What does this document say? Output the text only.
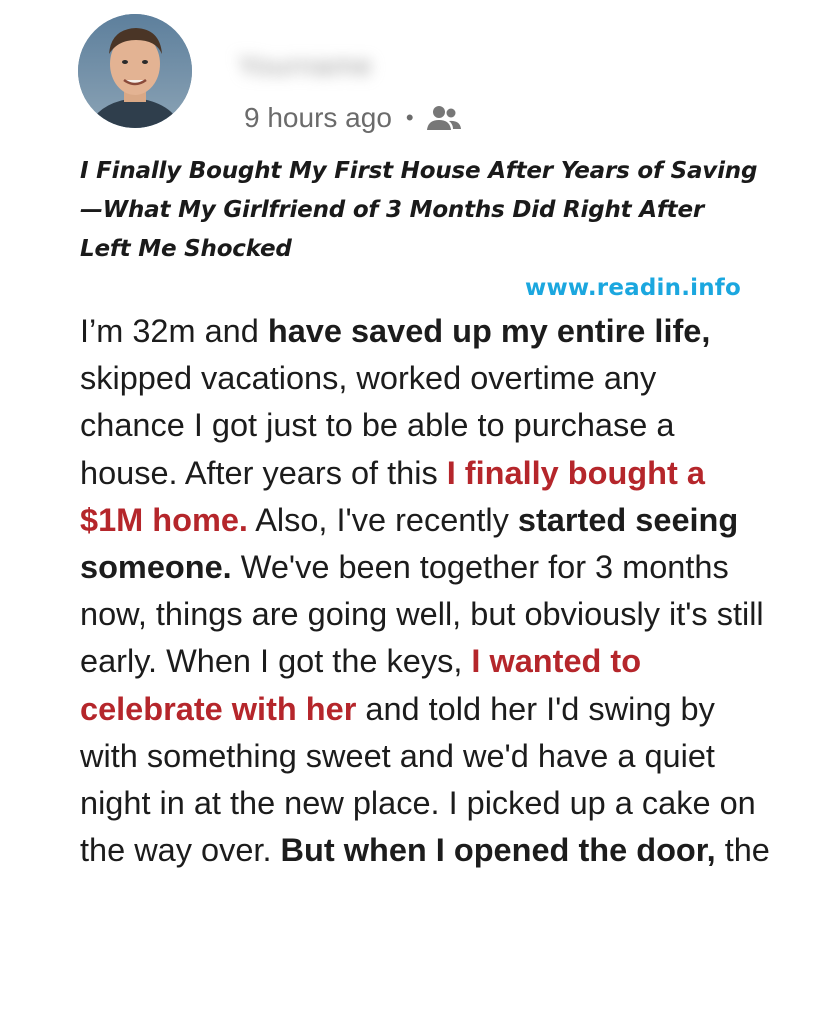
Yourname
9 hours ago •
I Finally Bought My First House After Years of Saving—What My Girlfriend of 3 Months Did Right After Left Me Shocked
www.readin.info
I’m 32m and have saved up my entire life, skipped vacations, worked overtime any chance I got just to be able to purchase a house. After years of this I finally bought a $1M home. Also, I've recently started seeing someone. We've been together for 3 months now, things are going well, but obviously it's still early. When I got the keys, I wanted to celebrate with her and told her I'd swing by with something sweet and we'd have a quiet night in at the new place. I picked up a cake on the way over. But when I opened the door, the
